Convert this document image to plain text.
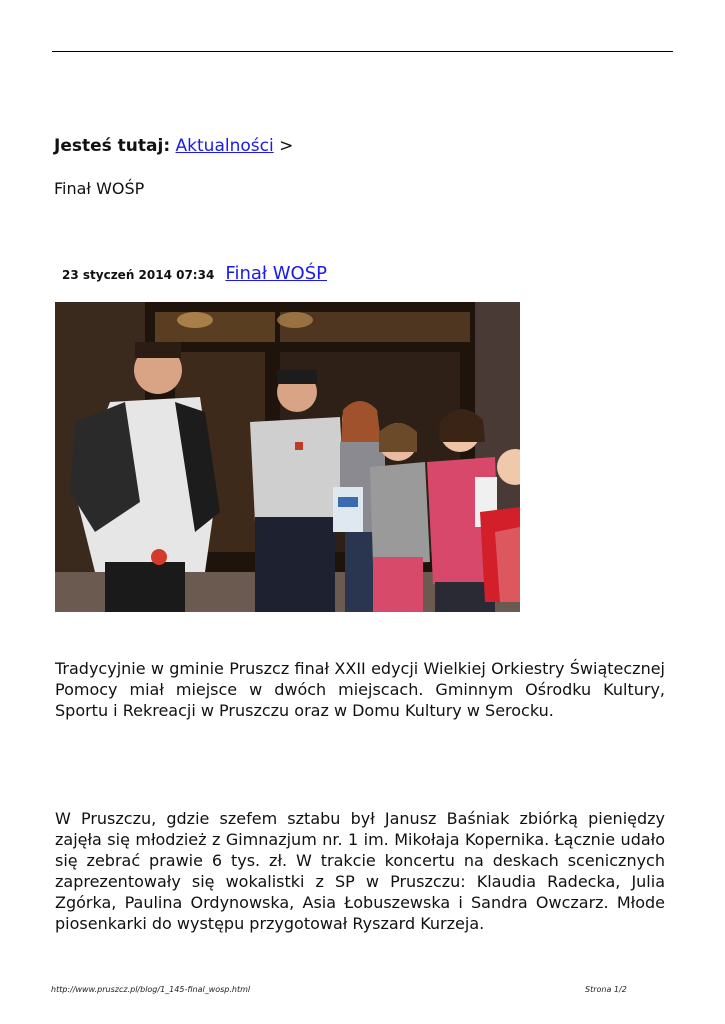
Jesteś tutaj: Aktualności >
Finał WOŚP
23 styczeń 2014 07:34 Finał WOŚP

Tradycyjnie w gminie Pruszcz finał XXII edycji Wielkiej Orkiestry Świątecznej Pomocy miał miejsce w dwóch miejscach. Gminnym Ośrodku Kultury, Sportu i Rekreacji w Pruszczu oraz w Domu Kultury w Serocku.

W Pruszczu, gdzie szefem sztabu był Janusz Baśniak zbiórką pieniędzy zajęła się młodzież z Gimnazjum nr. 1 im. Mikołaja Kopernika. Łącznie udało się zebrać prawie 6 tys. zł. W trakcie koncertu na deskach scenicznych zaprezentowały się wokalistki z SP w Pruszczu: Klaudia Radecka, Julia Zgórka, Paulina Ordynowska, Asia Łobuszewska i Sandra Owczarz. Młode piosenkarki do występu przygotował Ryszard Kurzeja.

http://www.pruszcz.pl/blog/1_145-final_wosp.html	Strona 1/2
